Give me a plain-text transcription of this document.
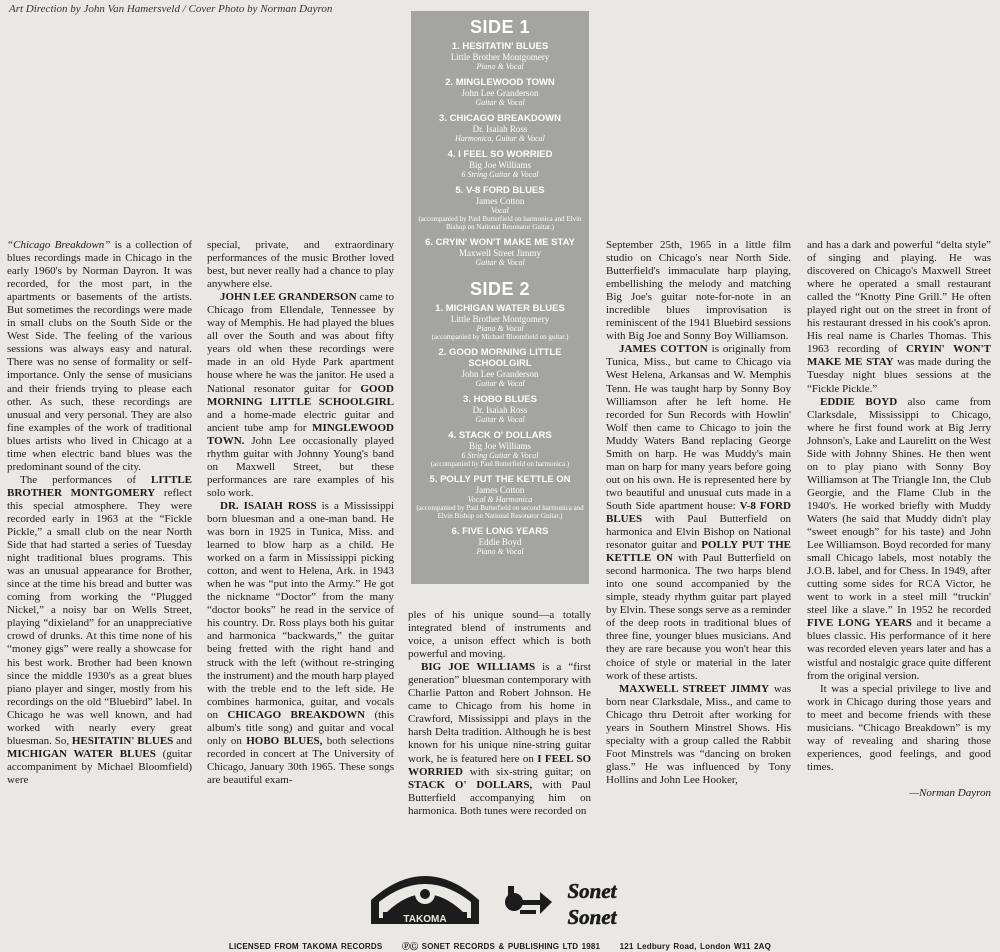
Art Direction by John Van Hamersveld / Cover Photo by Norman Dayron
SIDE 1
1. HESITATIN' BLUES
Little Brother Montgomery
Piano & Vocal
2. MINGLEWOOD TOWN
John Lee Granderson
Guitar & Vocal
3. CHICAGO BREAKDOWN
Dr. Isaiah Ross
Harmonica, Guitar & Vocal
4. I FEEL SO WORRIED
Big Joe Williams
6 String Guitar & Vocal
5. V-8 FORD BLUES
James Cotton
Vocal
(accompanied by Paul Butterfield on harmonica and Elvin Bishop on National Resonator Guitar.)
6. CRYIN' WON'T MAKE ME STAY
Maxwell Street Jimmy
Guitar & Vocal
SIDE 2
1. MICHIGAN WATER BLUES
Little Brother Montgomery
Piano & Vocal
(accompanied by Michael Bloomfield on guitar.)
2. GOOD MORNING LITTLE SCHOOLGIRL
John Lee Granderson
Guitar & Vocal
3. HOBO BLUES
Dr. Isaiah Ross
Guitar & Vocal
4. STACK O' DOLLARS
Big Joe Williams
6 String Guitar & Vocal
(accompanied by Paul Butterfield on harmonica.)
5. POLLY PUT THE KETTLE ON
James Cotton
Vocal & Harmonica
(accompanied by Paul Butterfield on second harmonica and Elvin Bishop on National Resonator Guitar.)
6. FIVE LONG YEARS
Eddie Boyd
Piano & Vocal

“Chicago Breakdown” is a collection of blues recordings made in Chicago in the early 1960's by Norman Dayron. It was recorded, for the most part, in the apartments or basements of the artists. But sometimes the recordings were made in small clubs on the South Side or the West Side. The feeling of the various sessions was always easy and natural. There was no sense of formality or self-importance. Only the sense of musicians and their friends trying to please each other. As such, these recordings are unusual and very personal. They are also fine examples of the work of traditional blues artists who lived in Chicago at a time when electric band blues was the predominant sound of the city.

The performances of LITTLE BROTHER MONTGOMERY reflect this special atmosphere. They were recorded early in 1963 at the “Fickle Pickle,” a small club on the near North Side that had started a series of Tuesday night traditional blues programs. This was an unusual appearance for Brother, since at the time his bread and butter was coming from working the “Plugged Nickel,” a noisy bar on Wells Street, playing “dixieland” for an unappreciative crowd of drunks. At this time none of his “money gigs” were really a showcase for his best work. Brother had been known since the middle 1930's as a great blues piano player and singer, mostly from his recordings on the old “Bluebird” label. In Chicago he was well known, and had worked with nearly every great bluesman. So, HESITATIN' BLUES and MICHIGAN WATER BLUES (guitar accompaniment by Michael Bloomfield) were

special, private, and extraordinary performances of the music Brother loved best, but never really had a chance to play anywhere else.

JOHN LEE GRANDERSON came to Chicago from Ellendale, Tennessee by way of Memphis. He had played the blues all over the South and was about fifty years old when these recordings were made in an old Hyde Park apartment house where he was the janitor. He used a National resonator guitar for GOOD MORNING LITTLE SCHOOLGIRL and a home-made electric guitar and ancient tube amp for MINGLEWOOD TOWN. John Lee occasionally played rhythm guitar with Johnny Young's band on Maxwell Street, but these performances are rare examples of his solo work.

DR. ISAIAH ROSS is a Mississippi born bluesman and a one-man band. He was born in 1925 in Tunica, Miss. and learned to blow harp as a child. He worked on a farm in Mississippi picking cotton, and went to Helena, Ark. in 1943 when he was “put into the Army.” He got the nickname “Doctor” from the many “doctor books” he read in the service of his country. Dr. Ross plays both his guitar and harmonica “backwards,” the guitar being fretted with the right hand and struck with the left (without re-stringing the instrument) and the mouth harp played with the treble end to the left side. He combines harmonica, guitar, and vocals on CHICAGO BREAKDOWN (this album's title song) and guitar and vocal only on HOBO BLUES, both selections recorded in concert at The University of Chicago, January 30th 1965. These songs are beautiful exam-

ples of his unique sound—a totally integrated blend of instruments and voice, a unison effect which is both powerful and moving.

BIG JOE WILLIAMS is a “first generation” bluesman contemporary with Charlie Patton and Robert Johnson. He came to Chicago from his home in Crawford, Mississippi and plays in the harsh Delta tradition. Although he is best known for his unique nine-string guitar work, he is featured here on I FEEL SO WORRIED with six-string guitar; on STACK O' DOLLARS, with Paul Butterfield accompanying him on harmonica. Both tunes were recorded on

September 25th, 1965 in a little film studio on Chicago's near North Side. Butterfield's immaculate harp playing, embellishing the melody and matching Big Joe's guitar note-for-note in an incredible blues improvisation is reminiscent of the 1941 Bluebird sessions with Big Joe and Sonny Boy Williamson.

JAMES COTTON is originally from Tunica, Miss., but came to Chicago via West Helena, Arkansas and W. Memphis Tenn. He was taught harp by Sonny Boy Williamson after he left home. He recorded for Sun Records with Howlin' Wolf then came to Chicago to join the Muddy Waters Band replacing George Smith on harp. He was Muddy's main man on harp for many years before going out on his own. He is represented here by two beautiful and unusual cuts made in a South Side apartment house: V-8 FORD BLUES with Paul Butterfield on harmonica and Elvin Bishop on National resonator guitar and POLLY PUT THE KETTLE ON with Paul Butterfield on second harmonica. The two harps blend into one sound accompanied by the simple, steady rhythm guitar part played by Elvin. These songs serve as a reminder of the deep roots in traditional blues of three fine, younger blues musicians. And they are rare because you won't hear this choice of style or material in the later work of these artists.

MAXWELL STREET JIMMY was born near Clarksdale, Miss., and came to Chicago thru Detroit after working for years in Southern Minstrel Shows. His specialty with a group called the Rabbit Foot Minstrels was “dancing on broken glass.” He was influenced by Tony Hollins and John Lee Hooker,

and has a dark and powerful “delta style” of singing and playing. He was discovered on Chicago's Maxwell Street where he operated a small restaurant called the “Knotty Pine Grill.” He often played right out on the street in front of his restaurant dressed in his cook's apron. His real name is Charles Thomas. This 1963 recording of CRYIN' WON'T MAKE ME STAY was made during the Tuesday night blues sessions at the “Fickle Pickle.”

EDDIE BOYD also came from Clarksdale, Mississippi to Chicago, where he first found work at Big Jerry Johnson's, Lake and Laurelitt on the West Side with Johnny Shines. He then went on to play piano with Sonny Boy Williamson at The Triangle Inn, the Club Georgie, and the Flame Club in the 1940's. He worked briefly with Muddy Waters (he said that Muddy didn't play “sweet enough” for his taste) and John Lee Williamson. Boyd recorded for many small Chicago labels, most notably the J.O.B. label, and for Chess. In 1949, after cutting some sides for RCA Victor, he went to work in a steel mill “truckin' steel like a slave.” In 1952 he recorded FIVE LONG YEARS and it became a blues classic. His performance of it here was recorded eleven years later and has a wistful and nostalgic grace quite different from the original version.

It was a special privilege to live and work in Chicago during those years and to meet and become friends with these musicians. “Chicago Breakdown” is my way of revealing and sharing those experiences, good feelings, and good times.

—Norman Dayron
TAKOMA
Sonet
Sonet
LICENSED FROM TAKOMA RECORDS ⓅⒸ SONET RECORDS & PUBLISHING LTD 1981 121 Ledbury Road, London W11 2AQ
